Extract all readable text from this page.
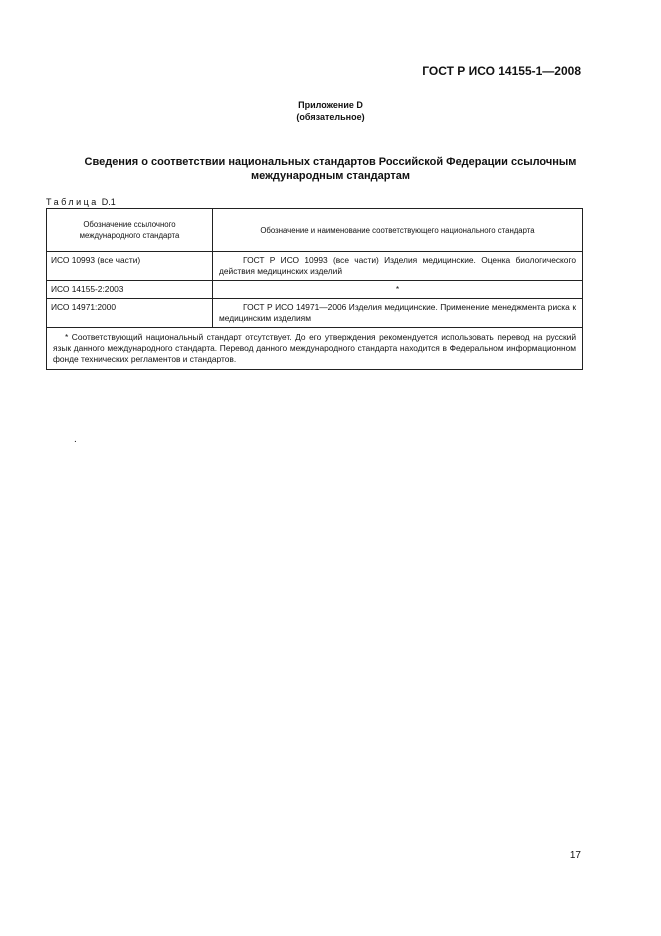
ГОСТ Р ИСО 14155-1—2008
Приложение D
(обязательное)
Сведения о соответствии национальных стандартов Российской Федерации ссылочным
международным стандартам
Таблица D.1
Обозначение ссылочного
международного стандарта	Обозначение и наименование соответствующего национального стандарта
ИСО 10993 (все части)	ГОСТ Р ИСО 10993 (все части) Изделия медицинские. Оценка биологического действия медицинских изделий
ИСО 14155-2:2003	*
ИСО 14971:2000	ГОСТ Р ИСО 14971—2006 Изделия медицинские. Применение менеджмента риска к медицинским изделиям
* Соответствующий национальный стандарт отсутствует. До его утверждения рекомендуется использовать перевод на русский язык данного международного стандарта. Перевод данного международного стандарта находится в Федеральном информационном фонде технических регламентов и стандартов.	
.
17
